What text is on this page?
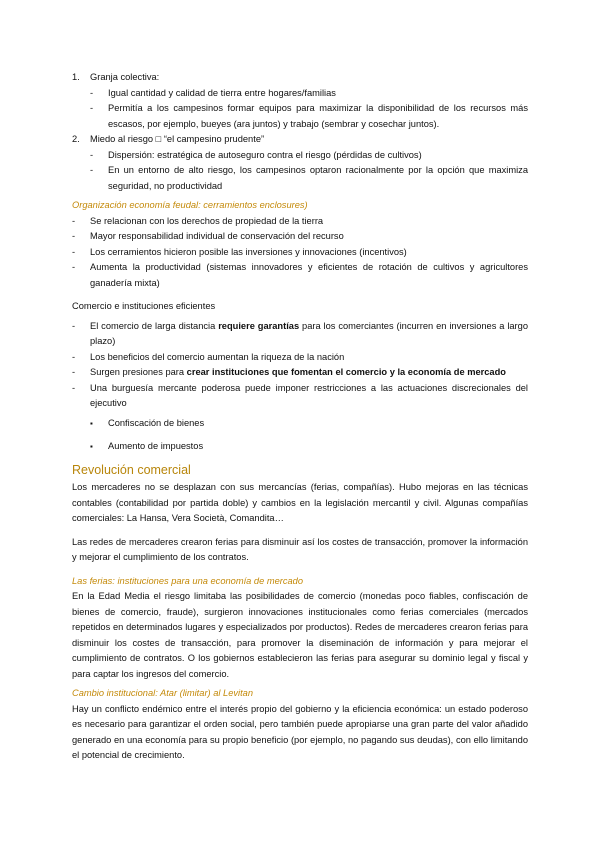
1.	Granja colectiva:
-	Igual cantidad y calidad de tierra entre hogares/familias
-	Permitía a los campesinos formar equipos para maximizar la disponibilidad de los recursos más escasos, por ejemplo, bueyes (ara juntos) y trabajo (sembrar y cosechar juntos).
2.	Miedo al riesgo □ “el campesino prudente”
-	Dispersión: estratégica de autoseguro contra el riesgo (pérdidas de cultivos)
-	En un entorno de alto riesgo, los campesinos optaron racionalmente por la opción que maximiza seguridad, no productividad
Organización economía feudal: cerramientos enclosures)
-	Se relacionan con los derechos de propiedad de la tierra
-	Mayor responsabilidad individual de conservación del recurso
-	Los cerramientos hicieron posible las inversiones y innovaciones (incentivos)
-	Aumenta la productividad (sistemas innovadores y eficientes de rotación de cultivos y agricultores ganadería mixta)
Comercio e instituciones eficientes
-	El comercio de larga distancia requiere garantías para los comerciantes (incurren en inversiones a largo plazo)
-	Los beneficios del comercio aumentan la riqueza de la nación
-	Surgen presiones para crear instituciones que fomentan el comercio y la economía de mercado
-	Una burguesía mercante poderosa puede imponer restricciones a las actuaciones discrecionales del ejecutivo
▪	Confiscación de bienes
▪	Aumento de impuestos
Revolución comercial
Los mercaderes no se desplazan con sus mercancías (ferias, compañías). Hubo mejoras en las técnicas contables (contabilidad por partida doble) y cambios en la legislación mercantil y civil. Algunas compañías comerciales: La Hansa, Vera Società, Comandita…
Las redes de mercaderes crearon ferias para disminuir así los costes de transacción, promover la información y mejorar el cumplimiento de los contratos.
Las ferias: instituciones para una economía de mercado
En la Edad Media el riesgo limitaba las posibilidades de comercio (monedas poco fiables, confiscación de bienes de comercio, fraude), surgieron innovaciones institucionales como ferias comerciales (mercados repetidos en determinados lugares y especializados por productos). Redes de mercaderes crearon ferias para disminuir los costes de transacción, para promover la diseminación de información y para mejorar el cumplimiento de contratos. O los gobiernos establecieron las ferias para asegurar su dominio legal y fiscal y para captar los ingresos del comercio.
Cambio institucional: Atar (limitar) al Levitan
Hay un conflicto endémico entre el interés propio del gobierno y la eficiencia económica: un estado poderoso es necesario para garantizar el orden social, pero también puede apropiarse una gran parte del valor añadido generado en una economía para su propio beneficio (por ejemplo, no pagando sus deudas), con ello limitando el potencial de crecimiento.
